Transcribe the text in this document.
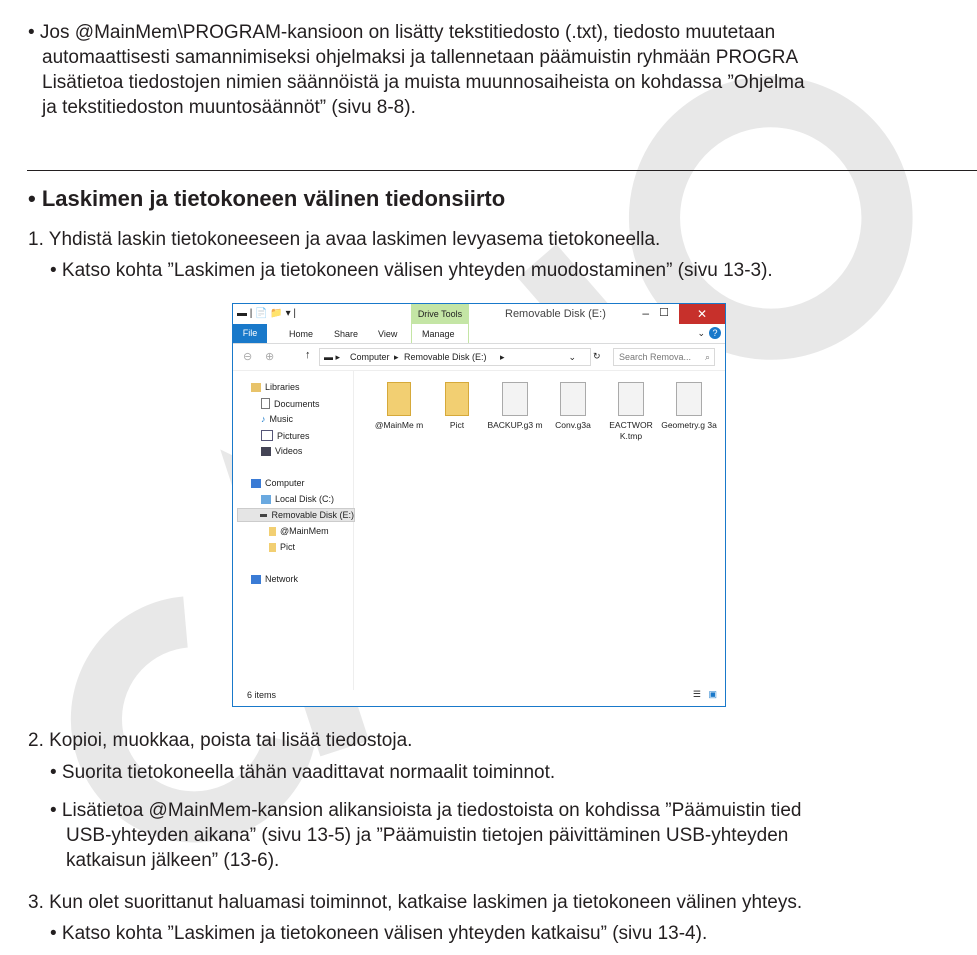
• Jos @MainMem\PROGRAM-kansioon on lisätty tekstitiedosto (.txt), tiedosto muutetaan
automaattisesti samannimiseksi ohjelmaksi ja tallennetaan päämuistin ryhmään PROGRA
Lisätietoa tiedostojen nimien säännöistä ja muista muunnosaiheista on kohdassa ”Ohjelma
ja tekstitiedoston muuntosäännöt” (sivu 8-8).
• Laskimen ja tietokoneen välinen tiedonsiirto
1. Yhdistä laskin tietokoneeseen ja avaa laskimen levyasema tietokoneella.
• Katso kohta ”Laskimen ja tietokoneen välisen yhteyden muodostaminen” (sivu 13-3).
▬ | 📄 📁 ▾ |	Drive Tools	Removable Disk (E:)	– ☐	✕
File	Home Share View	Manage	⌄ ?
⊖ ⊕	↑ ▬ ▸ Computer ▸ Removable Disk (E:) ▸	⌄ ↻ Search Remova... ⌕
Libraries
Documents
♪ Music
Pictures
Videos
Computer
Local Disk (C:)
Removable Disk (E:)
@MainMem
Pict
Network
@MainMe m	Pict	BACKUP.g3 m	Conv.g3a	EACTWOR K.tmp
Geometry.g 3a
6 items	☰ ▣
2. Kopioi, muokkaa, poista tai lisää tiedostoja.
• Suorita tietokoneella tähän vaadittavat normaalit toiminnot.
• Lisätietoa @MainMem-kansion alikansioista ja tiedostoista on kohdissa ”Päämuistin tied
USB-yhteyden aikana” (sivu 13-5) ja ”Päämuistin tietojen päivittäminen USB-yhteyden
katkaisun jälkeen” (13-6).
3. Kun olet suorittanut haluamasi toiminnot, katkaise laskimen ja tietokoneen välinen yhteys.
• Katso kohta ”Laskimen ja tietokoneen välisen yhteyden katkaisu” (sivu 13-4).
